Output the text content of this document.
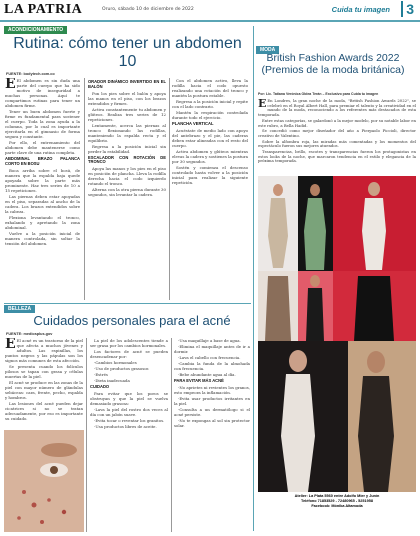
LA PATRIA	Oruro, sábado 10 de diciembre de 2022	Cuida tu imagen	3
ACONDICIONAMIENTO
Rutina: cómo tener un abdomen 10
FUENTE: bodytech.com.co

E El abdomen es sin duda una parte del cuerpo que ha sido motivo de inseguridad a muchas personas. Aquí te compartimos rutinas para tener un abdomen firme.

Tener un buen abdomen fuerte y firme es fundamental para sostener el cuerpo. Toda la zona ayuda a la columna, por lo cual es importante ejercitarla en el gimnasio de forma segura y constante.

Por ello, el entrenamiento del abdomen debe mantenerse como parte clave de una rutina completa.

ABDOMINAL BRAZO PALANCA CORTO EN BOSU

Boca arriba sobre el bosú, de manera que la espalda baja quede apoyada sobre la parte más prominente. Haz tres series de 10 a 15 repeticiones.

Las piernas deben estar apoyadas en el piso, separadas al ancho de la cadera. Los brazos extendidos sobre la cabeza.

Flexiona levantando el tronco, exhalando y apretando la zona abdominal.

Vuelve a la posición inicial de manera controlada, sin soltar la tensión del abdomen.

ORADOR DINÁMICO INVERTIDO EN EL BALÓN

Pon los pies sobre el balón y apoya las manos en el piso, con los brazos extendidos y firmes.

Activa constantemente tu abdomen y glúteos. Realiza tres series de 12 repeticiones.

Lentamente, acerca las piernas al tronco flexionando las rodillas, manteniendo la espalda recta y el equilibrio.

Regresa a la posición inicial sin perder la estabilidad.

ESCALADOR CON ROTACIÓN DE TRONCO

Apoya las manos y los pies en el piso en posición de plancha. Lleva la rodilla derecha hacia el codo izquierdo rotando el tronco.

Alterna con la otra pierna durante 30 segundos, sin levantar la cadera.

Con el abdomen activo, lleva la rodilla hacia el codo opuesto realizando una rotación del tronco y mantén la postura estable.

Regresa a la posición inicial y repite con el lado contrario.

Mantén la respiración controlada durante todo el ejercicio.

PLANCHA VERTICAL

Acuéstate de medio lado con apoyo del antebrazo y el pie, las caderas deben estar alineadas con el resto del cuerpo.

Activa abdomen y glúteos mientras elevas la cadera y sostienes la postura por 30 segundos.

Sostén y comienza el descenso controlado hasta volver a la posición inicial para realizar la siguiente repetición.

MODA
British Fashion Awards 2022 (Premios de la moda británica)
Por: Lic. Tatiana Verónica Oblea Terán – Exclusivo para Cuida tu imagen

E En Londres, la gran noche de la moda, "British Fashion Awards 2022", se celebró en el Royal Albert Hall, para premiar el talento y la creatividad en el mundo de la moda, reconociendo a los referentes más destacados de esta temporada.

Entre estas categorías, se galardonó a la mejor modelo, por su notable labor en este rubro, a Bella Hadid.

Se concedió como mejor diseñador del año a Pierpaolo Piccioli, director creativo de Valentino.

Sobre la alfombra roja, las miradas más comentadas y los momentos del espectáculo fueron sus mejores atuendos.

Transparencias, brillo, escotes y transparencias fueron los protagonistas en estos looks de la noche, que marcaron tendencia en el estilo y elegancia de la próxima temporada.

Atelier: La Plata 5560 entre Adolfo Mier y Junín
Teléfono 71853529 - 72480965 - 5251958
Facebook: Mónika Altamoda
BELLEZA
Cuidados personales para el acné
FUENTE: mediosplus.gov

E El acné es un trastorno de la piel que afecta a muchos jóvenes y adultos. Las espinillas, los puntos negros y las pápulas son los signos más comunes de esta afección.

Se presenta cuando los folículos pilosos se tapan con grasa y células muertas de la piel.

El acné se produce en las zonas de la piel con mayor número de glándulas sebáceas: cara, frente, pecho, espalda y hombros.

Las lesiones del acné pueden dejar cicatrices si no se tratan adecuadamente, por eso es importante su cuidado.

La piel de los adolescentes tiende a ser grasa por los cambios hormonales.

Los factores de acné se pueden desencadenar por:

-Cambios hormonales

-Uso de productos grasosos

-Estrés

-Dieta inadecuada

CUIDADO

Para evitar que los poros se obstruyan y que la piel se vuelva demasiado grasosa:

-Lava la piel del rostro dos veces al día con un jabón suave.

-Evita tocar o reventar los granitos.

-Usa productos libres de aceite.

-Usa maquillaje a base de agua.

-Elimina el maquillaje antes de ir a dormir.

-Lava el cabello con frecuencia.

-Cambia la funda de la almohada con frecuencia.

-Bebe abundante agua al día.

PARA EVITAR MÁS ACNÉ

-No aprietes ni revientes los granos, esto empeora la inflamación.

-Evita usar productos irritantes en la piel.

-Consulta a un dermatólogo si el acné persiste.

-No te expongas al sol sin protector solar.
